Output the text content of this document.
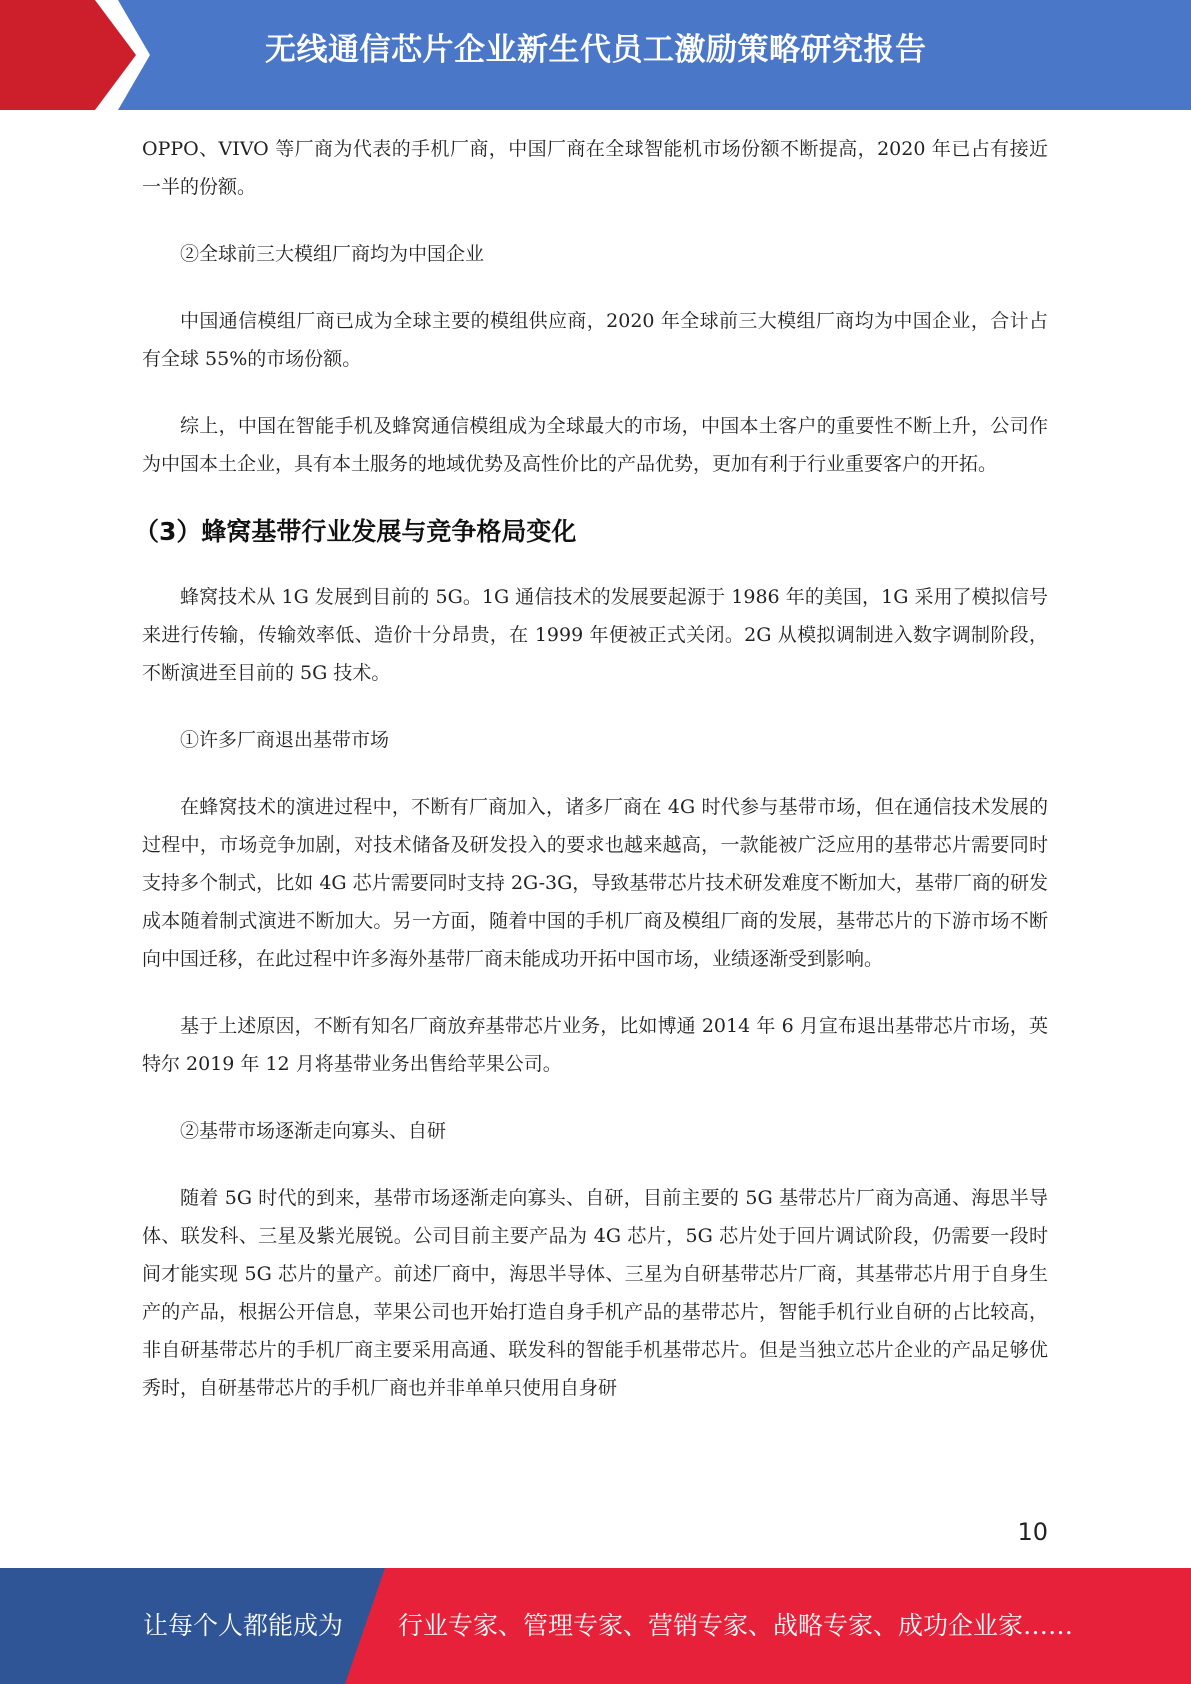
无线通信芯片企业新生代员工激励策略研究报告

OPPO、VIVO 等厂商为代表的手机厂商，中国厂商在全球智能机市场份额不断提高，2020 年已占有接近一半的份额。

②全球前三大模组厂商均为中国企业

中国通信模组厂商已成为全球主要的模组供应商，2020 年全球前三大模组厂商均为中国企业，合计占有全球 55%的市场份额。

综上，中国在智能手机及蜂窝通信模组成为全球最大的市场，中国本土客户的重要性不断上升，公司作为中国本土企业，具有本土服务的地域优势及高性价比的产品优势，更加有利于行业重要客户的开拓。

（3）蜂窝基带行业发展与竞争格局变化

蜂窝技术从 1G 发展到目前的 5G。1G 通信技术的发展要起源于 1986 年的美国，1G 采用了模拟信号来进行传输，传输效率低、造价十分昂贵，在 1999 年便被正式关闭。2G 从模拟调制进入数字调制阶段，不断演进至目前的 5G 技术。

①许多厂商退出基带市场

在蜂窝技术的演进过程中，不断有厂商加入，诸多厂商在 4G 时代参与基带市场，但在通信技术发展的过程中，市场竞争加剧，对技术储备及研发投入的要求也越来越高，一款能被广泛应用的基带芯片需要同时支持多个制式，比如 4G 芯片需要同时支持 2G-3G，导致基带芯片技术研发难度不断加大，基带厂商的研发成本随着制式演进不断加大。另一方面，随着中国的手机厂商及模组厂商的发展，基带芯片的下游市场不断向中国迁移，在此过程中许多海外基带厂商未能成功开拓中国市场，业绩逐渐受到影响。

基于上述原因，不断有知名厂商放弃基带芯片业务，比如博通 2014 年 6 月宣布退出基带芯片市场，英特尔 2019 年 12 月将基带业务出售给苹果公司。

②基带市场逐渐走向寡头、自研

随着 5G 时代的到来，基带市场逐渐走向寡头、自研，目前主要的 5G 基带芯片厂商为高通、海思半导体、联发科、三星及紫光展锐。公司目前主要产品为 4G 芯片，5G 芯片处于回片调试阶段，仍需要一段时间才能实现 5G 芯片的量产。前述厂商中，海思半导体、三星为自研基带芯片厂商，其基带芯片用于自身生产的产品，根据公开信息，苹果公司也开始打造自身手机产品的基带芯片，智能手机行业自研的占比较高，非自研基带芯片的手机厂商主要采用高通、联发科的智能手机基带芯片。但是当独立芯片企业的产品足够优秀时，自研基带芯片的手机厂商也并非单单只使用自身研

10
让每个人都能成为 行业专家、管理专家、营销专家、战略专家、成功企业家……
